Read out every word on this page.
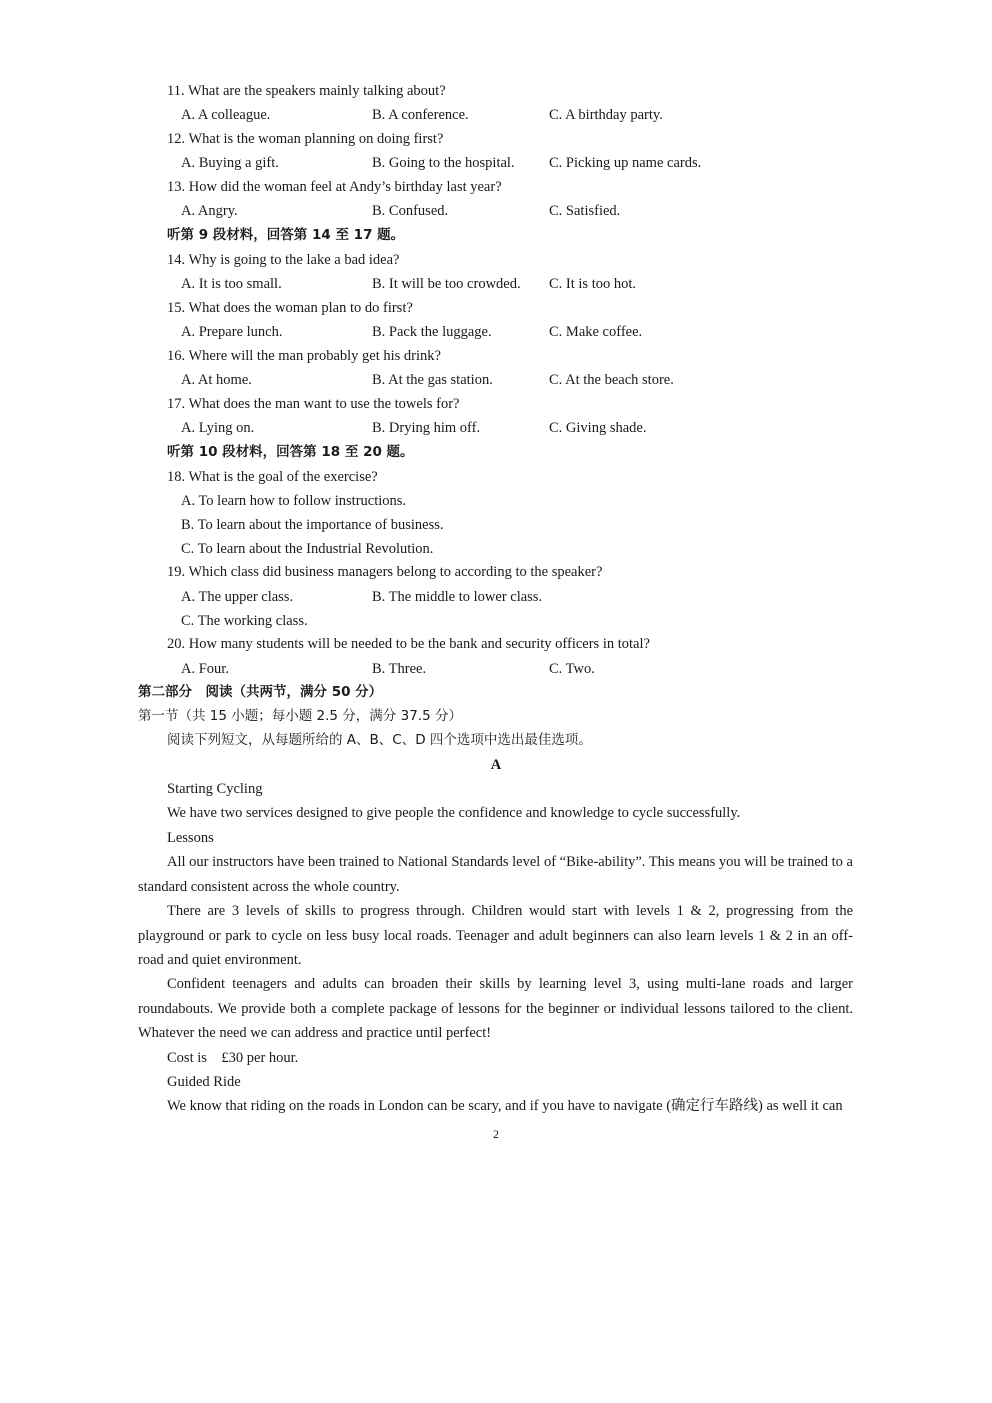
11. What are the speakers mainly talking about?
A. A colleague.	B. A conference.	C. A birthday party.
12. What is the woman planning on doing first?
A. Buying a gift.	B. Going to the hospital. C. Picking up name cards.
13. How did the woman feel at Andy’s birthday last year?
A. Angry.	B. Confused.	C. Satisfied.
听第 9 段材料，回答第 14 至 17 题。
14. Why is going to the lake a bad idea?
A. It is too small.	B. It will be too crowded. C. It is too hot.
15. What does the woman plan to do first?
A. Prepare lunch.	B. Pack the luggage.	C. Make coffee.
16. Where will the man probably get his drink?
A. At home.	B. At the gas station.	C. At the beach store.
17. What does the man want to use the towels for?
A. Lying on.	B. Drying him off.	C. Giving shade.
听第 10 段材料，回答第 18 至 20 题。
18. What is the goal of the exercise?
A. To learn how to follow instructions.
B. To learn about the importance of business.
C. To learn about the Industrial Revolution.
19. Which class did business managers belong to according to the speaker?
A. The upper class.	B. The middle to lower class.
C. The working class.
20. How many students will be needed to be the bank and security officers in total?
A. Four.	B. Three.	C. Two.
第二部分　阅读（共两节，满分 50 分）
第一节（共 15 小题；每小题 2.5 分，满分 37.5 分）
阅读下列短文，从每题所给的 A、B、C、D 四个选项中选出最佳选项。
A
Starting Cycling
We have two services designed to give people the confidence and knowledge to cycle successfully.
Lessons
All our instructors have been trained to National Standards level of “Bike-ability”. This means you will be trained to a standard consistent across the whole country.
There are 3 levels of skills to progress through. Children would start with levels 1 & 2, progressing from the playground or park to cycle on less busy local roads. Teenager and adult beginners can also learn levels 1 & 2 in an off-road and quiet environment.
Confident teenagers and adults can broaden their skills by learning level 3, using multi-lane roads and larger roundabouts. We provide both a complete package of lessons for the beginner or individual lessons tailored to the client. Whatever the need we can address and practice until perfect!
Cost is　£30 per hour.
Guided Ride
We know that riding on the roads in London can be scary, and if you have to navigate (确定行车路线) as well it can
2
